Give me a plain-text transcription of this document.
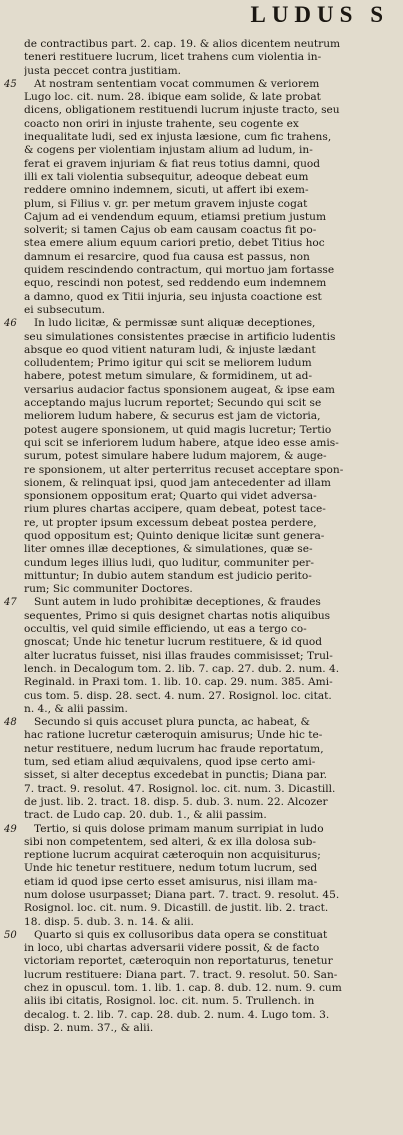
LUDUS S
de contractibus part. 2. cap. 19. & alios dicentem neutrum
teneri restituere lucrum, licet trahens cum violentia in-
justa peccet contra justitiam.
45	At nostram sententiam vocat commumen & veriorem
Lugo loc. cit. num. 28. ibique eam solide, & late probat
dicens, obligationem restituendi lucrum injuste tracto, seu
coacto non oriri in injuste trahente, seu cogente ex
inequalitate ludi, sed ex injusta læsione, cum fic trahens,
& cogens per violentiam injustam alium ad ludum, in-
ferat ei gravem injuriam & fiat reus totius damni, quod
illi ex tali violentia subsequitur, adeoque debeat eum
reddere omnino indemnem, sicuti, ut affert ibi exem-
plum, si Filius v. gr. per metum gravem injuste cogat
Cajum ad ei vendendum equum, etiamsi pretium justum
solverit; si tamen Cajus ob eam causam coactus fit po-
stea emere alium equum cariori pretio, debet Titius hoc
damnum ei resarcire, quod fua causa est passus, non
quidem rescindendo contractum, qui mortuo jam fortasse
equo, rescindi non potest, sed reddendo eum indemnem
a damno, quod ex Titii injuria, seu injusta coactione est
ei subsecutum.
46	In ludo licitæ, & permissæ sunt aliquæ deceptiones,
seu simulationes consistentes præcise in artificio ludentis
absque eo quod vitient naturam ludi, & injuste lædant
colludentem; Primo igitur qui scit se meliorem ludum
habere, potest metum simulare, & formidinem, ut ad-
versarius audacior factus sponsionem augeat, & ipse eam
acceptando majus lucrum reportet; Secundo qui scit se
meliorem ludum habere, & securus est jam de victoria,
potest augere sponsionem, ut quid magis lucretur; Tertio
qui scit se inferiorem ludum habere, atque ideo esse amis-
surum, potest simulare habere ludum majorem, & auge-
re sponsionem, ut alter perterritus recuset acceptare spon-
sionem, & relinquat ipsi, quod jam antecedenter ad illam
sponsionem oppositum erat; Quarto qui videt adversa-
rium plures chartas accipere, quam debeat, potest tace-
re, ut propter ipsum excessum debeat postea perdere,
quod oppositum est; Quinto denique licitæ sunt genera-
liter omnes illæ deceptiones, & simulationes, quæ se-
cundum leges illius ludi, quo luditur, communiter per-
mittuntur; In dubio autem standum est judicio perito-
rum; Sic communiter Doctores.
47	Sunt autem in ludo prohibitæ deceptiones, & fraudes
sequentes, Primo si quis designet chartas notis aliquibus
occultis, vel quid simile efficiendo, ut eas a tergo co-
gnoscat; Unde hic tenetur lucrum restituere, & id quod
alter lucratus fuisset, nisi illas fraudes commisisset; Trul-
lench. in Decalogum tom. 2. lib. 7. cap. 27. dub. 2. num. 4.
Reginald. in Praxi tom. 1. lib. 10. cap. 29. num. 385. Ami-
cus tom. 5. disp. 28. sect. 4. num. 27. Rosignol. loc. citat.
n. 4., & alii passim.
48	Secundo si quis accuset plura puncta, ac habeat, &
hac ratione lucretur cæteroquin amisurus; Unde hic te-
netur restituere, nedum lucrum hac fraude reportatum,
tum, sed etiam aliud æquivalens, quod ipse certo ami-
sisset, si alter deceptus excedebat in punctis; Diana par.
7. tract. 9. resolut. 47. Rosignol. loc. cit. num. 3. Dicastill.
de just. lib. 2. tract. 18. disp. 5. dub. 3. num. 22. Alcozer
tract. de Ludo cap. 20. dub. 1., & alii passim.
49	Tertio, si quis dolose primam manum surripiat in ludo
sibi non competentem, sed alteri, & ex illa dolosa sub-
reptione lucrum acquirat cæteroquin non acquisiturus;
Unde hic tenetur restituere, nedum totum lucrum, sed
etiam id quod ipse certo esset amisurus, nisi illam ma-
num dolose usurpasset; Diana part. 7. tract. 9. resolut. 45.
Rosignol. loc. cit. num. 9. Dicastill. de justit. lib. 2. tract.
18. disp. 5. dub. 3. n. 14. & alii.
50	Quarto si quis ex collusoribus data opera se constituat
in loco, ubi chartas adversarii videre possit, & de facto
victoriam reportet, cæteroquin non reportaturus, tenetur
lucrum restituere: Diana part. 7. tract. 9. resolut. 50. San-
chez in opuscul. tom. 1. lib. 1. cap. 8. dub. 12. num. 9. cum
aliis ibi citatis, Rosignol. loc. cit. num. 5. Trullench. in
decalog. t. 2. lib. 7. cap. 28. dub. 2. num. 4. Lugo tom. 3.
disp. 2. num. 37., & alii.
